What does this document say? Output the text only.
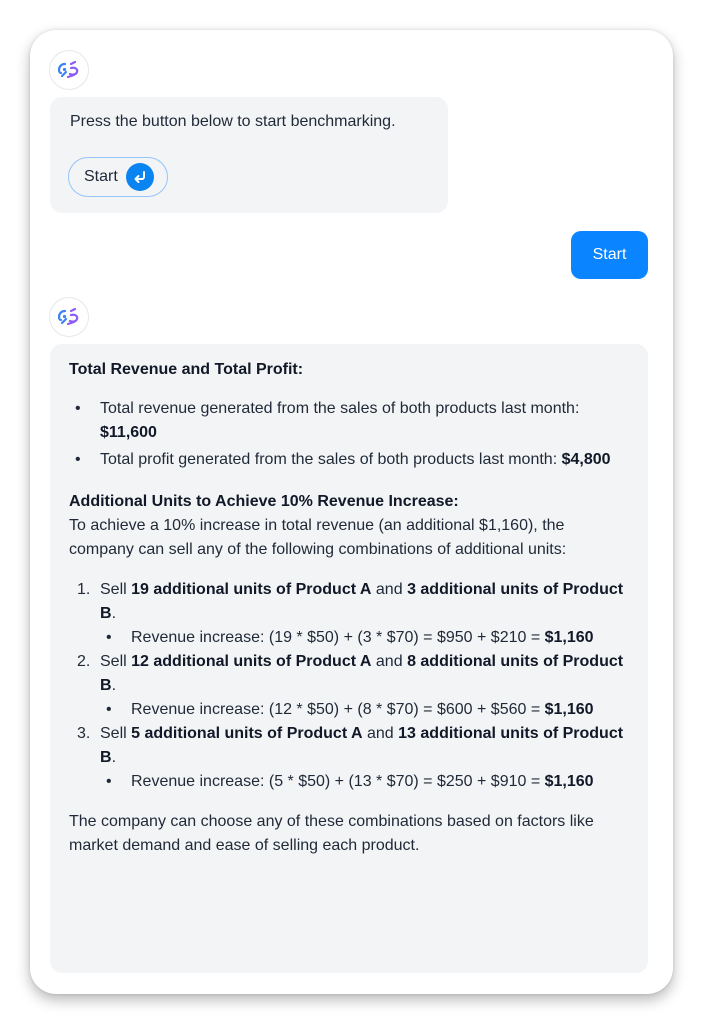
Press the button below to start benchmarking.
Start
Start

Total Revenue and Total Profit:

• Total revenue generated from the sales of both products last month: $11,600
• Total profit generated from the sales of both products last month: $4,800

Additional Units to Achieve 10% Revenue Increase:

To achieve a 10% increase in total revenue (an additional $1,160), the company can sell any of the following combinations of additional units:

1. Sell 19 additional units of Product A and 3 additional units of Product B.
• Revenue increase: (19 * $50) + (3 * $70) = $950 + $210 = $1,160
2. Sell 12 additional units of Product A and 8 additional units of Product B.
• Revenue increase: (12 * $50) + (8 * $70) = $600 + $560 = $1,160
3. Sell 5 additional units of Product A and 13 additional units of Product B.
• Revenue increase: (5 * $50) + (13 * $70) = $250 + $910 = $1,160

The company can choose any of these combinations based on factors like market demand and ease of selling each product.
